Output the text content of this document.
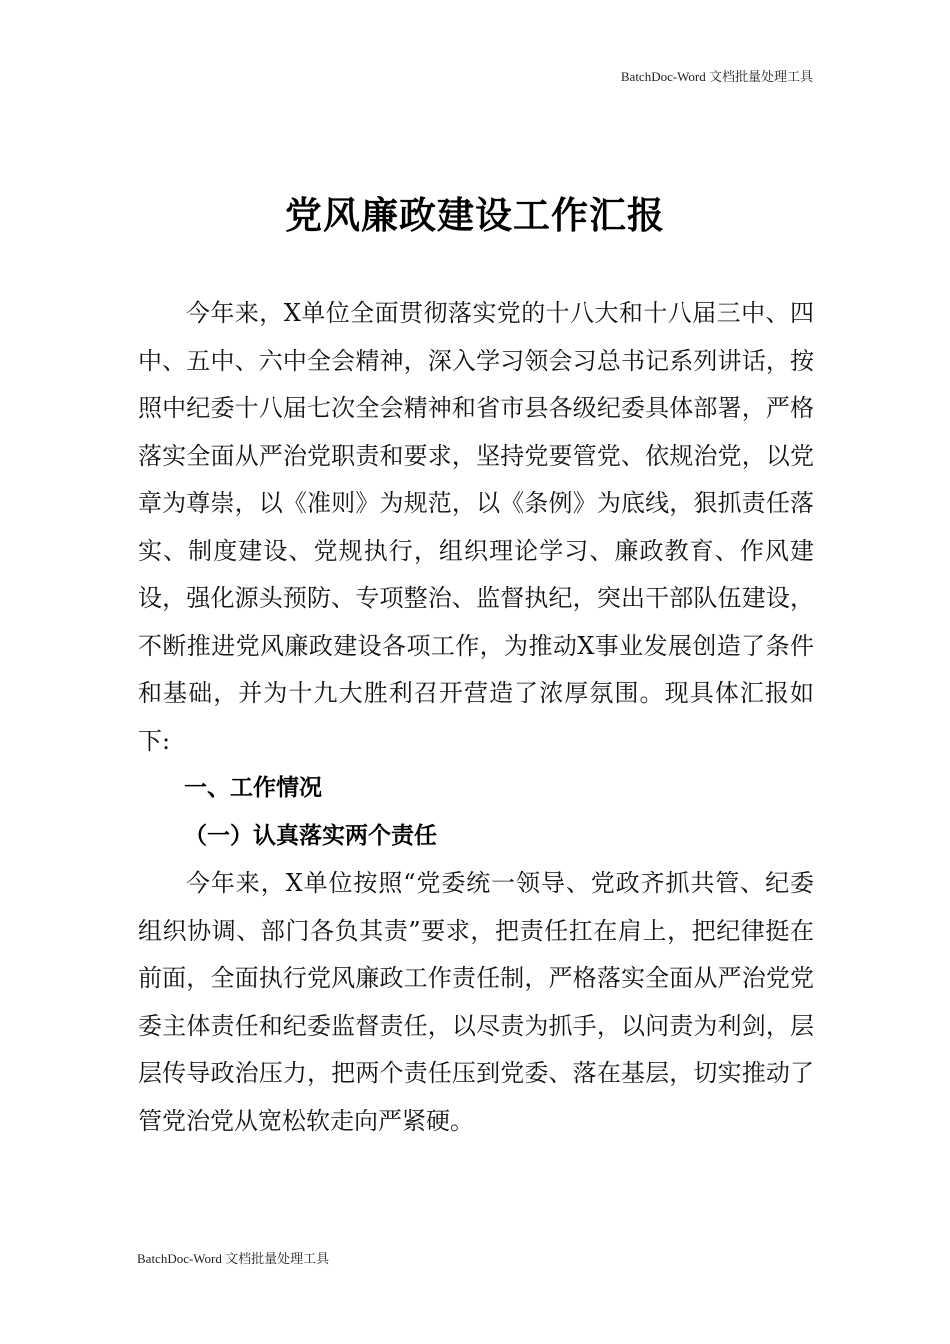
BatchDoc-Word 文档批量处理工具
党风廉政建设工作汇报

今年来，X单位全面贯彻落实党的十八大和十八届三中、四中、五中、六中全会精神，深入学习领会习总书记系列讲话，按照中纪委十八届七次全会精神和省市县各级纪委具体部署，严格落实全面从严治党职责和要求，坚持党要管党、依规治党，以党章为尊崇，以《准则》为规范，以《条例》为底线，狠抓责任落实、制度建设、党规执行，组织理论学习、廉政教育、作风建设，强化源头预防、专项整治、监督执纪，突出干部队伍建设，不断推进党风廉政建设各项工作，为推动X事业发展创造了条件和基础，并为十九大胜利召开营造了浓厚氛围。现具体汇报如下:

一、工作情况

（一）认真落实两个责任

今年来，X单位按照“党委统一领导、党政齐抓共管、纪委组织协调、部门各负其责”要求，把责任扛在肩上，把纪律挺在前面，全面执行党风廉政工作责任制，严格落实全面从严治党党委主体责任和纪委监督责任，以尽责为抓手，以问责为利剑，层层传导政治压力，把两个责任压到党委、落在基层，切实推动了管党治党从宽松软走向严紧硬。

BatchDoc-Word 文档批量处理工具
